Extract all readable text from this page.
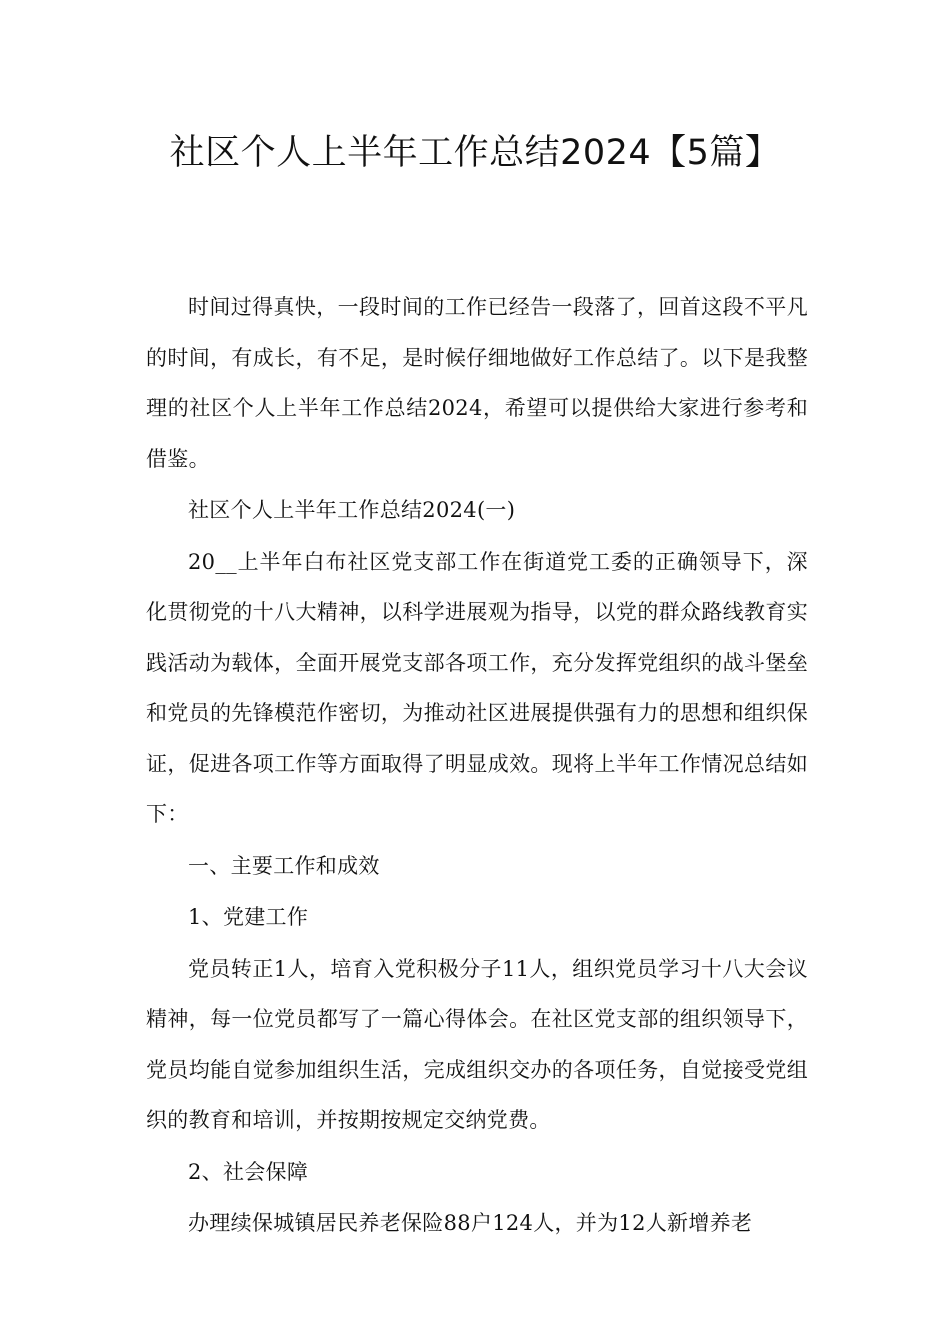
社区个人上半年工作总结2024【5篇】

时间过得真快，一段时间的工作已经告一段落了，回首这段不平凡的时间，有成长，有不足，是时候仔细地做好工作总结了。以下是我整理的社区个人上半年工作总结2024，希望可以提供给大家进行参考和借鉴。

社区个人上半年工作总结2024(一)

20__上半年白布社区党支部工作在街道党工委的正确领导下，深化贯彻党的十八大精神，以科学进展观为指导，以党的群众路线教育实践活动为载体，全面开展党支部各项工作，充分发挥党组织的战斗堡垒和党员的先锋模范作密切，为推动社区进展提供强有力的思想和组织保证，促进各项工作等方面取得了明显成效。现将上半年工作情况总结如下：

一、主要工作和成效

1、党建工作

党员转正1人，培育入党积极分子11人，组织党员学习十八大会议精神，每一位党员都写了一篇心得体会。在社区党支部的组织领导下，党员均能自觉参加组织生活，完成组织交办的各项任务，自觉接受党组织的教育和培训，并按期按规定交纳党费。

2、社会保障

办理续保城镇居民养老保险88户124人，并为12人新增养老
